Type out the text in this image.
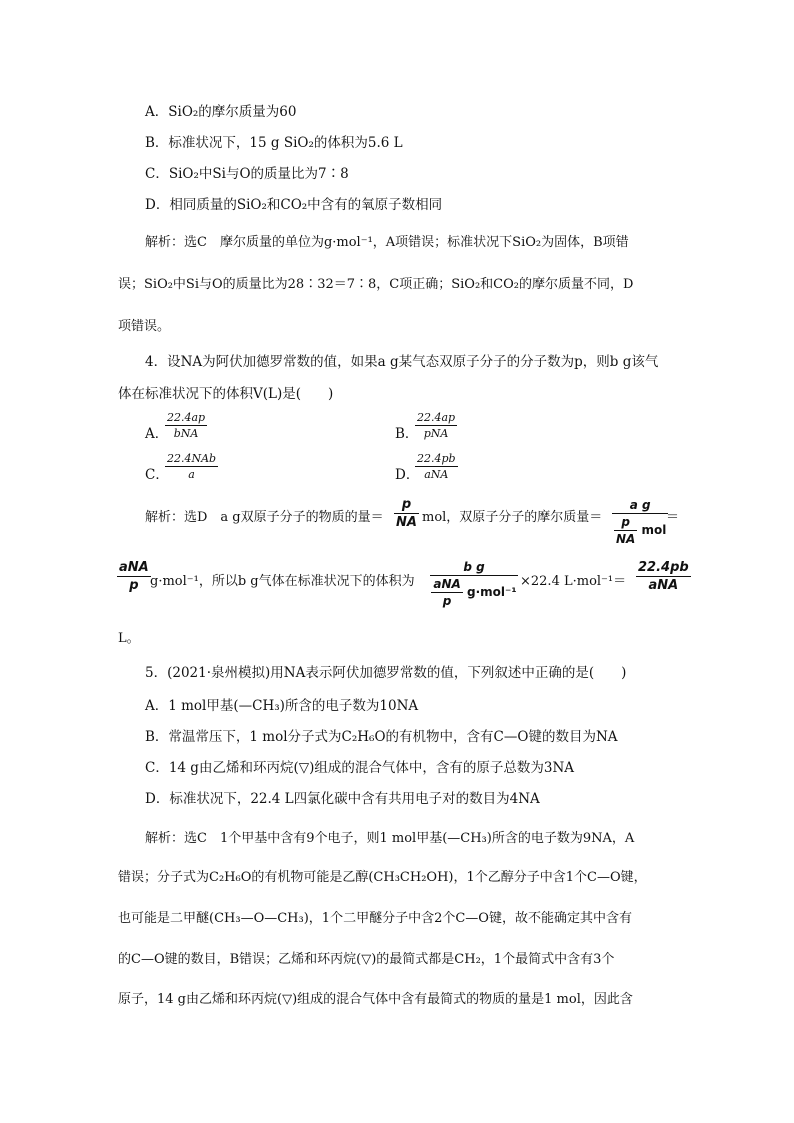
A．SiO₂的摩尔质量为60
B．标准状况下，15 g SiO₂的体积为5.6 L
C．SiO₂中Si与O的质量比为7∶8
D．相同质量的SiO₂和CO₂中含有的氧原子数相同
解析：选C　摩尔质量的单位为g·mol⁻¹，A项错误；标准状况下SiO₂为固体，B项错
误；SiO₂中Si与O的质量比为28∶32＝7∶8，C项正确；SiO₂和CO₂的摩尔质量不同，D
项错误。
4．设NA为阿伏加德罗常数的值，如果a g某气态双原子分子的分子数为p，则b g该气
体在标准状况下的体积V(L)是(　　)
A．
22.4ap
bNA	B．
22.4ap
pNA
C．
22.4NAb
a	D．
22.4pb
aNA
解析：选D　a g双原子分子的物质的量＝
p
NA mol，双原子分子的摩尔质量＝
a g
$\frac{p}{NA}$ mol
＝
aNA
p g·mol⁻¹，所以b g气体在标准状况下的体积为
b g
aNA
p
g·mol⁻¹
×22.4 L·mol⁻¹＝
22.4pb
aNA
L。
5．(2021·泉州模拟)用NA表示阿伏加德罗常数的值，下列叙述中正确的是(　　)
A．1 mol甲基(—CH₃)所含的电子数为10NA
B．常温常压下，1 mol分子式为C₂H₆O的有机物中，含有C—O键的数目为NA
C．14 g由乙烯和环丙烷(▽)组成的混合气体中，含有的原子总数为3NA
D．标准状况下，22.4 L四氯化碳中含有共用电子对的数目为4NA
解析：选C　1个甲基中含有9个电子，则1 mol甲基(—CH₃)所含的电子数为9NA，A
错误；分子式为C₂H₆O的有机物可能是乙醇(CH₃CH₂OH)，1个乙醇分子中含1个C—O键，
也可能是二甲醚(CH₃—O—CH₃)，1个二甲醚分子中含2个C—O键，故不能确定其中含有
的C—O键的数目，B错误；乙烯和环丙烷(▽)的最简式都是CH₂，1个最简式中含有3个
原子，14 g由乙烯和环丙烷(▽)组成的混合气体中含有最简式的物质的量是1 mol，因此含
